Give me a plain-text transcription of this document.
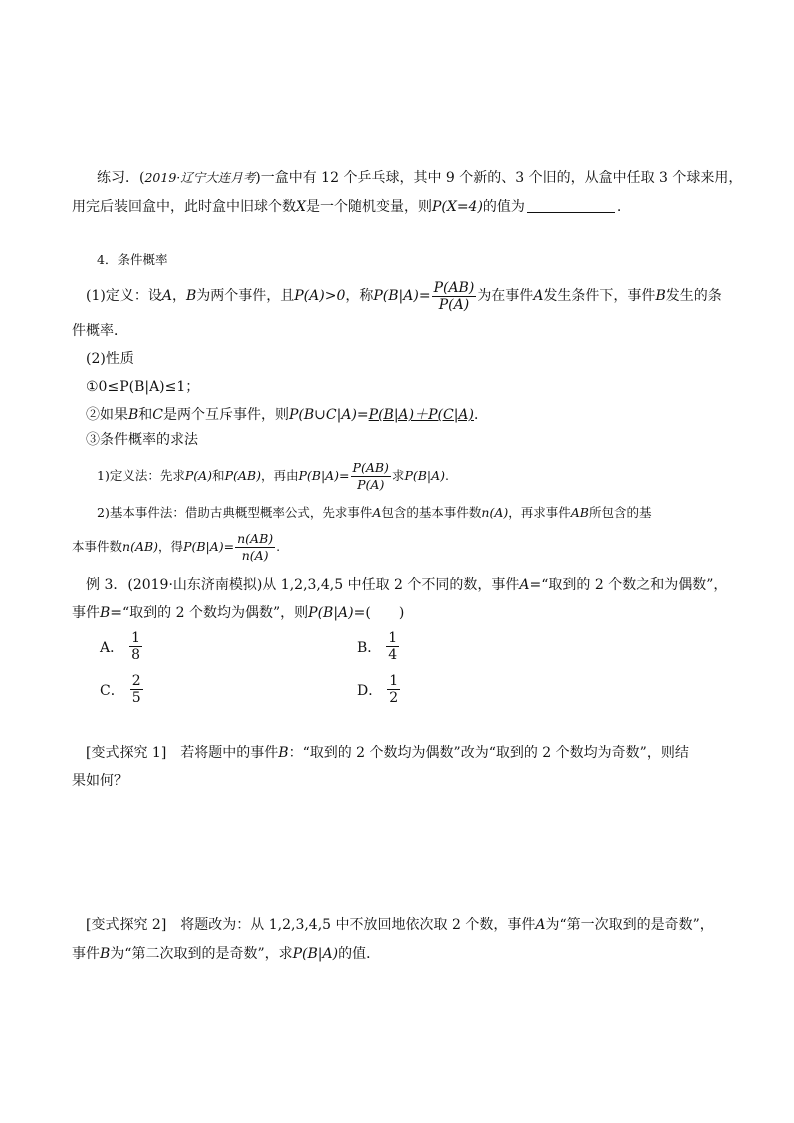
练习．(2019·辽宁大连月考)一盒中有 12 个乒乓球，其中 9 个新的、3 个旧的，从盒中任取 3 个球来用，
用完后装回盒中，此时盒中旧球个数X是一个随机变量，则P(X=4)的值为	.
4．条件概率
(1)定义：设A，B为两个事件，且P(A)>0，称$P(B|A)= \frac{P(AB)}{P(A)}$ 为在事件A发生条件下，事件B发生的条
件概率．
(2)性质
①0≤P(B|A)≤1；
②如果B和C是两个互斥事件，则P(B∪C|A)=P(B|A)＋P(C|A)．
③条件概率的求法
1)定义法：先求P(A)和P(AB)，再由$P(B|A)= \frac{P(AB)}{P(A)}$ 求P(B|A).
2)基本事件法：借助古典概型概率公式，先求事件A包含的基本事件数n(A)，再求事件AB所包含的基
本事件数n(AB)，得$P(B|A)= \frac{n(AB)}{n(A)}$ .
例 3．(2019·山东济南模拟)从 1,2,3,4,5 中任取 2 个不同的数，事件A=“取到的 2 个数之和为偶数”，
事件B=“取到的 2 个数均为偶数”，则P(B|A)=(　　)
A． $\frac{1}{8}$	B． $\frac{1}{4}$
C． $\frac{2}{5}$	D． $\frac{1}{2}$
[变式探究 1]　若将题中的事件B：“取到的 2 个数均为偶数”改为“取到的 2 个数均为奇数”，则结
果如何？
[变式探究 2]　将题改为：从 1,2,3,4,5 中不放回地依次取 2 个数，事件A为“第一次取到的是奇数”，
事件B为“第二次取到的是奇数”，求P(B|A)的值．
